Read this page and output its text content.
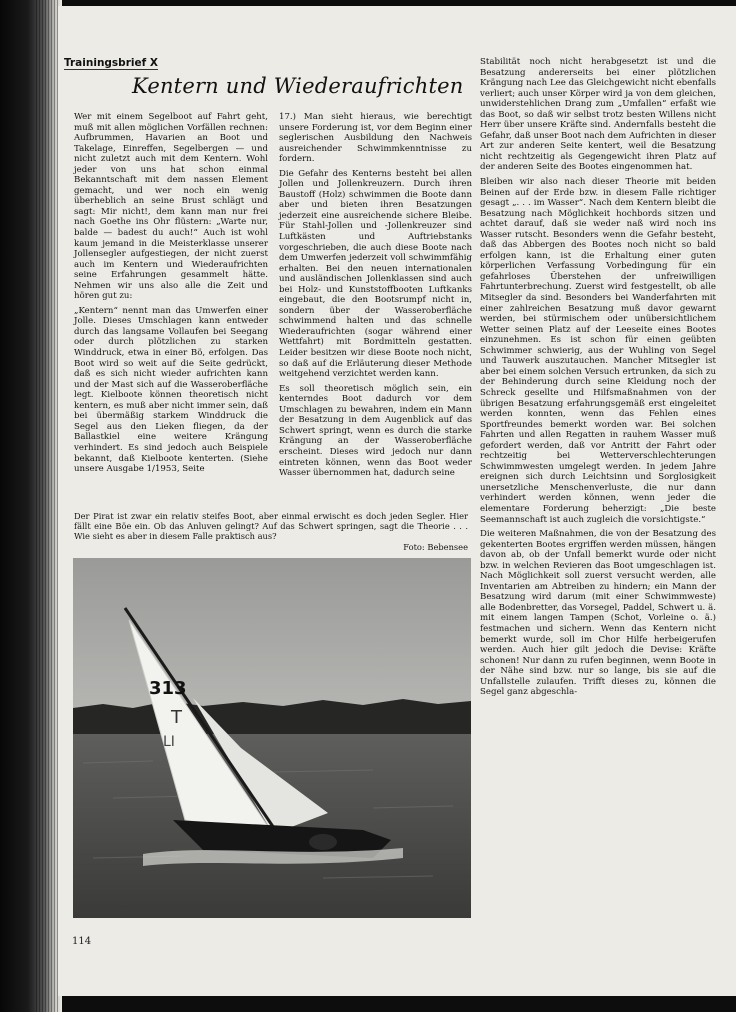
Trainingsbrief X
Kentern und Wiederaufrichten

Wer mit einem Segelboot auf Fahrt geht, muß mit allen möglichen Vorfällen rechnen: Aufbrummen, Havarien an Boot und Takelage, Einreffen, Segelbergen — und nicht zuletzt auch mit dem Kentern. Wohl jeder von uns hat schon einmal Bekanntschaft mit dem nassen Element gemacht, und wer noch ein wenig überheblich an seine Brust schlägt und sagt: Mir nicht!, dem kann man nur frei nach Goethe ins Ohr flüstern: „Warte nur, balde — badest du auch!“ Auch ist wohl kaum jemand in die Meisterklasse unserer Jollensegler aufgestiegen, der nicht zuerst auch im Kentern und Wiederaufrichten seine Erfahrungen gesammelt hätte. Nehmen wir uns also alle die Zeit und hören gut zu:

„Kentern“ nennt man das Umwerfen einer Jolle. Dieses Umschlagen kann entweder durch das langsame Vollaufen bei Seegang oder durch plötzlichen zu starken Winddruck, etwa in einer Bö, erfolgen. Das Boot wird so weit auf die Seite gedrückt, daß es sich nicht wieder aufrichten kann und der Mast sich auf die Wasseroberfläche legt. Kielboote können theoretisch nicht kentern, es muß aber nicht immer sein, daß bei übermäßig starkem Winddruck die Segel aus den Lieken fliegen, da der Ballastkiel eine weitere Krängung verhindert. Es sind jedoch auch Beispiele bekannt, daß Kielboote kenterten. (Siehe unsere Ausgabe 1/1953, Seite

17.) Man sieht hieraus, wie berechtigt unsere Forderung ist, vor dem Beginn einer seglerischen Ausbildung den Nachweis ausreichender Schwimmkenntnisse zu fordern.

Die Gefahr des Kenterns besteht bei allen Jollen und Jollenkreuzern. Durch ihren Baustoff (Holz) schwimmen die Boote dann aber und bieten ihren Besatzungen jederzeit eine ausreichende sichere Bleibe. Für Stahl-Jollen und -Jollenkreuzer sind Luftkästen und Auftriebstanks vorgeschrieben, die auch diese Boote nach dem Umwerfen jederzeit voll schwimmfähig erhalten. Bei den neuen internationalen und ausländischen Jollenklassen sind auch bei Holz- und Kunststoffbooten Luftkanks eingebaut, die den Bootsrumpf nicht in, sondern über der Wasseroberfläche schwimmend halten und das schnelle Wiederaufrichten (sogar während einer Wettfahrt) mit Bordmitteln gestatten. Leider besitzen wir diese Boote noch nicht, so daß auf die Erläuterung dieser Methode weitgehend verzichtet werden kann.

Es soll theoretisch möglich sein, ein kenterndes Boot dadurch vor dem Umschlagen zu bewahren, indem ein Mann der Besatzung in dem Augenblick auf das Schwert springt, wenn es durch die starke Krängung an der Wasseroberfläche erscheint. Dieses wird jedoch nur dann eintreten können, wenn das Boot weder Wasser übernommen hat, dadurch seine

Stabilität noch nicht herabgesetzt ist und die Besatzung andererseits bei einer plötzlichen Krängung nach Lee das Gleichgewicht nicht ebenfalls verliert; auch unser Körper wird ja von dem gleichen, unwiderstehlichen Drang zum „Umfallen“ erfaßt wie das Boot, so daß wir selbst trotz besten Willens nicht Herr über unsere Kräfte sind. Andernfalls besteht die Gefahr, daß unser Boot nach dem Aufrichten in dieser Art zur anderen Seite kentert, weil die Besatzung nicht rechtzeitig als Gegengewicht ihren Platz auf der anderen Seite des Bootes eingenommen hat.

Bleiben wir also nach dieser Theorie mit beiden Beinen auf der Erde bzw. in diesem Falle richtiger gesagt „. . . im Wasser“. Nach dem Kentern bleibt die Besatzung nach Möglichkeit hochbords sitzen und achtet darauf, daß sie weder naß wird noch ins Wasser rutscht. Besonders wenn die Gefahr besteht, daß das Abbergen des Bootes noch nicht so bald erfolgen kann, ist die Erhaltung einer guten körperlichen Verfassung Vorbedingung für ein gefahrloses Überstehen der unfreiwilligen Fahrtunterbrechung. Zuerst wird festgestellt, ob alle Mitsegler da sind. Besonders bei Wanderfahrten mit einer zahlreichen Besatzung muß davor gewarnt werden, bei stürmischem oder unübersichtlichem Wetter seinen Platz auf der Leeseite eines Bootes einzunehmen. Es ist schon für einen geübten Schwimmer schwierig, aus der Wuhling von Segel und Tauwerk auszutauchen. Mancher Mitsegler ist aber bei einem solchen Versuch ertrunken, da sich zu der Behinderung durch seine Kleidung noch der Schreck gesellte und Hilfsmaßnahmen von der übrigen Besatzung erfahrungsgemäß erst eingeleitet werden konnten, wenn das Fehlen eines Sportfreundes bemerkt worden war. Bei solchen Fahrten und allen Regatten in rauhem Wasser muß gefordert werden, daß vor Antritt der Fahrt oder rechtzeitig bei Wetterverschlechterungen Schwimmwesten umgelegt werden. In jedem Jahre ereignen sich durch Leichtsinn und Sorglosigkeit unersetzliche Menschenverluste, die nur dann verhindert werden können, wenn jeder die elementare Forderung beherzigt: „Die beste Seemannschaft ist auch zugleich die vorsichtigste.“

Die weiteren Maßnahmen, die von der Besatzung des gekenterten Bootes ergriffen werden müssen, hängen davon ab, ob der Unfall bemerkt wurde oder nicht bzw. in welchen Revieren das Boot umgeschlagen ist. Nach Möglichkeit soll zuerst versucht werden, alle Inventarien am Abtreiben zu hindern; ein Mann der Besatzung wird darum (mit einer Schwimmweste) alle Bodenbretter, das Vorsegel, Paddel, Schwert u. ä. mit einem langen Tampen (Schot, Vorleine o. ä.) festmachen und sichern. Wenn das Kentern nicht bemerkt wurde, soll im Chor Hilfe herbeigerufen werden. Auch hier gilt jedoch die Devise: Kräfte schonen! Nur dann zu rufen beginnen, wenn Boote in der Nähe sind bzw. nur so lange, bis sie auf die Unfallstelle zulaufen. Trifft dieses zu, können die Segel ganz abgeschla-

Der Pirat ist zwar ein relativ steifes Boot, aber einmal erwischt es doch jeden Segler. Hier fällt eine Böe ein. Ob das Anluven gelingt? Auf das Schwert springen, sagt die Theorie . . . Wie sieht es aber in diesem Falle praktisch aus?
Foto: Bebensee
313
T
LI
114
